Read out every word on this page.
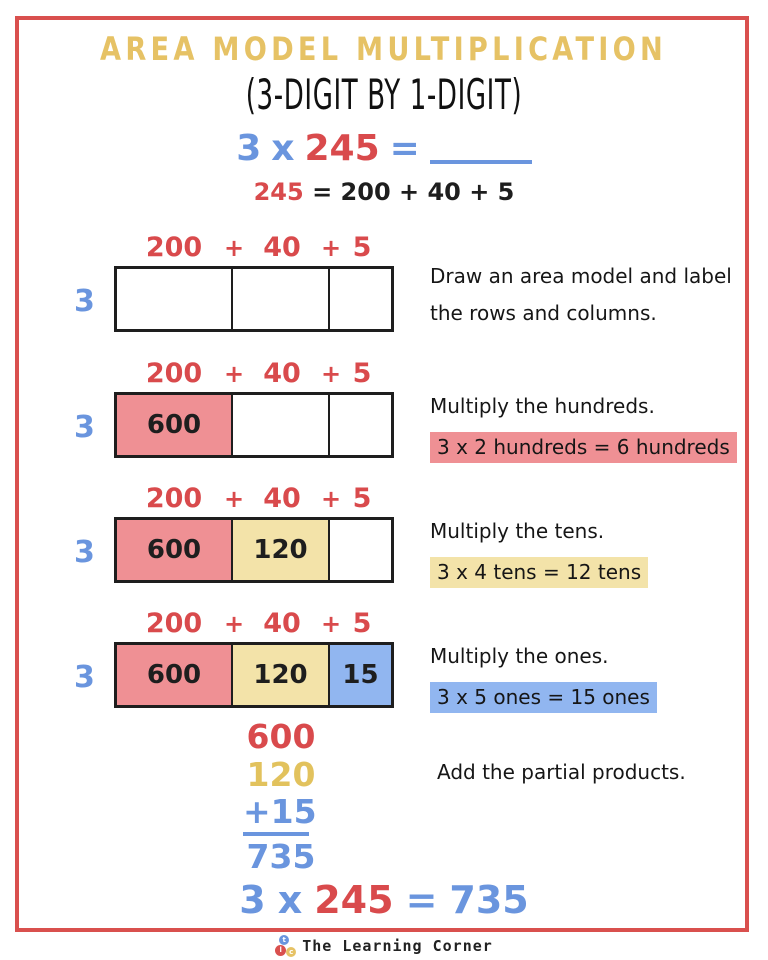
AREA MODEL MULTIPLICATION
(3-DIGIT BY 1-DIGIT)
3 x 245 =
245 = 200 + 40 + 5
200 + 40 + 5
3

Draw an area model and label

the rows and columns.

200 + 40 + 5
3 600

Multiply the hundreds.

3 x 2 hundreds = 6 hundreds
200 + 40 + 5
3 600 120

Multiply the tens.

3 x 4 tens = 12 tens
200 + 40 + 5
3 600 120 15

Multiply the ones.

3 x 5 ones = 15 ones
600
120
+ 15
735

Add the partial products.

3 x 245 = 735
t
l	c The Learning Corner
